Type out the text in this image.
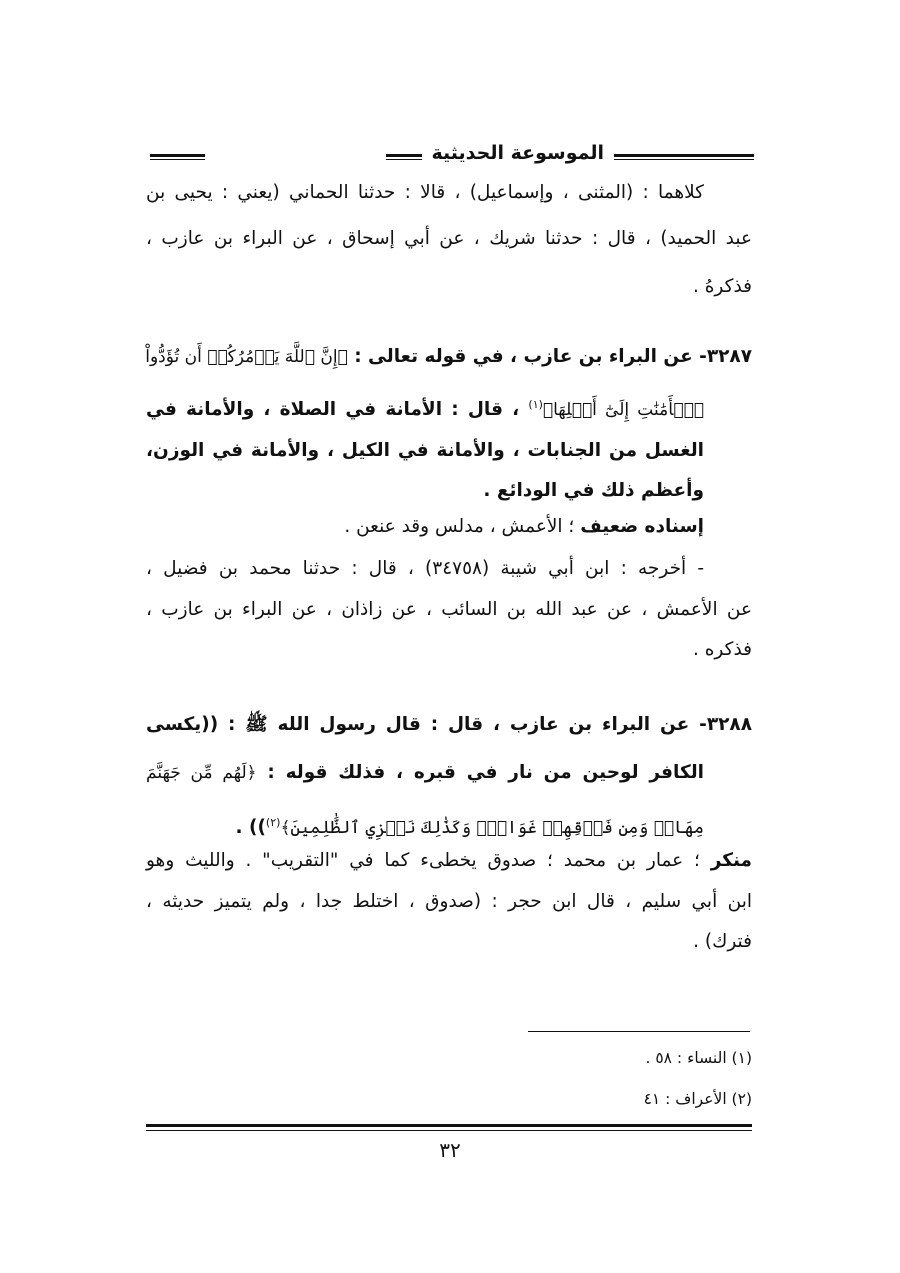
الموسوعة الحديثية
كلاهما : (المثنى ، وإسماعيل) ، قالا : حدثنا الحماني (يعني : يحيى بن
عبد الحميد) ، قال : حدثنا شريك ، عن أبي إسحاق ، عن البراء بن عازب ،
فذكرهُ .
٣٢٨٧- عن البراء بن عازب ، في قوله تعالى : ﴿إِنَّ ٱللَّهَ يَأۡمُرُكُمۡ أَن تُؤَدُّواْ
ٱلۡأَمَٰنَٰتِ إِلَىٰٓ أَهۡلِهَا﴾$^{(١)}$ ، قال : الأمانة في الصلاة ، والأمانة في
الغسل من الجنابات ، والأمانة في الكيل ، والأمانة في الوزن،
وأعظم ذلك في الودائع .
إسناده ضعيف ؛ الأعمش ، مدلس وقد عنعن .
- أخرجه : ابن أبي شيبة (٣٤٧٥٨) ، قال : حدثنا محمد بن فضيل ،
عن الأعمش ، عن عبد الله بن السائب ، عن زاذان ، عن البراء بن عازب ،
فذكره .
٣٢٨٨- عن البراء بن عازب ، قال : قال رسول الله ﷺ : ((يكسى
الكافر لوحين من نار في قبره ، فذلك قوله : ﴿لَهُم مِّن جَهَنَّمَ
مِهَادٞ وَمِن فَوۡقِهِمۡ غَوَاشٖۚ وَكَذَٰلِكَ نَجۡزِي ٱلظَّٰلِمِينَ﴾$^{(٢)}$)) .
منكر ؛ عمار بن محمد ؛ صدوق يخطىء كما في "التقريب" . والليث وهو
ابن أبي سليم ، قال ابن حجر : (صدوق ، اختلط جدا ، ولم يتميز حديثه ،
فترك) .
(١) النساء : ٥٨ .
(٢) الأعراف : ٤١
٣٢
